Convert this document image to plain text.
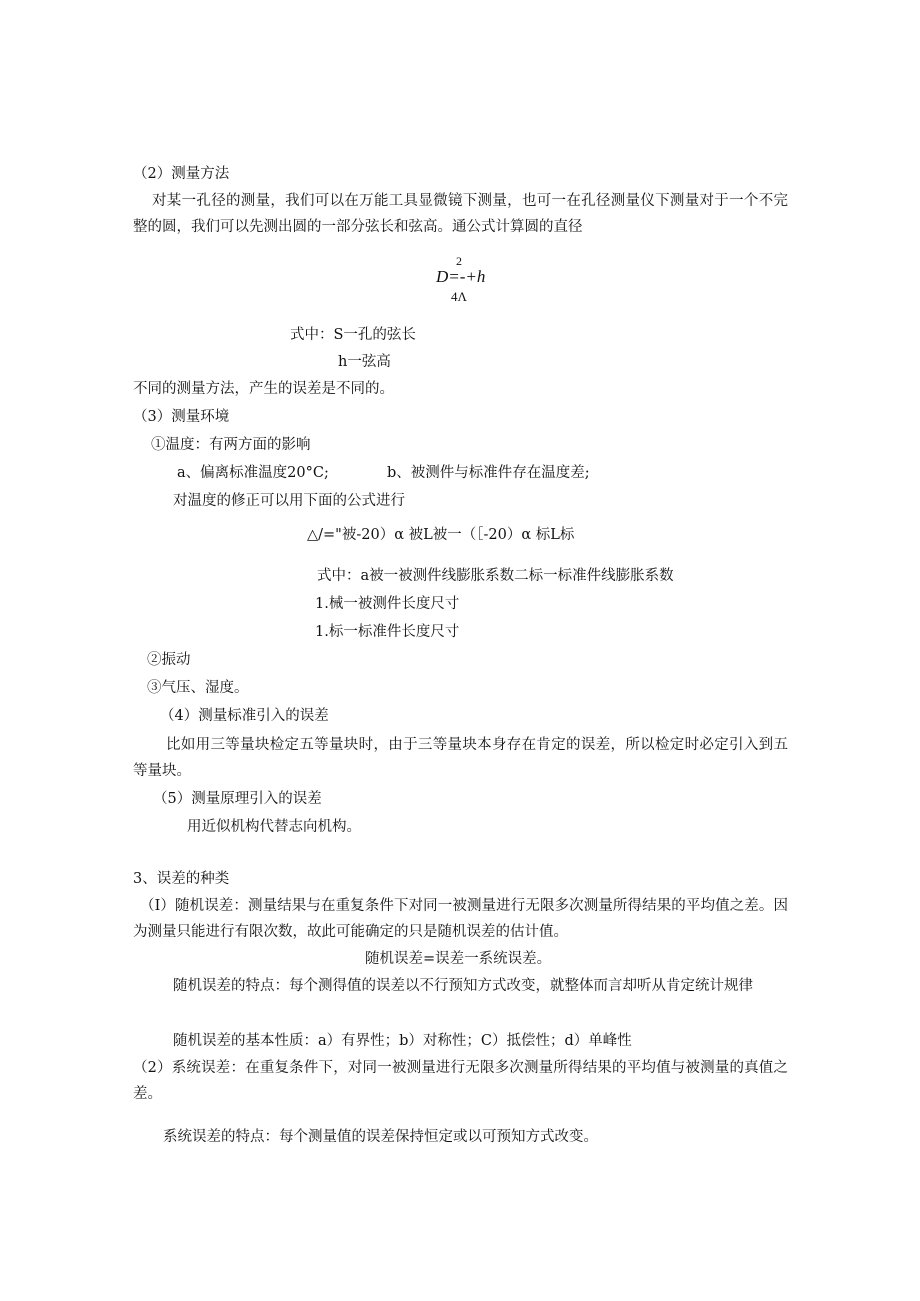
（2）测量方法
对某一孔径的测量，我们可以在万能工具显微镜下测量，也可一在孔径测量仪下测量对于一个不完整的圆，我们可以先测出圆的一部分弦长和弦高。通公式计算圆的直径
2
D=-+h
4Λ
式中：S一孔的弦长
h一弦高
不同的测量方法，产生的误差是不同的。
（3）测量环境
①温度：有两方面的影响
a、偏离标准温度20°C;	b、被测件与标准件存在温度差;
对温度的修正可以用下面的公式进行
△/="被-20）α 被L被一（［-20）α 标L标
式中：a被一被测件线膨胀系数二标一标准件线膨胀系数
1.械一被测件长度尺寸
1.标一标准件长度尺寸
②振动
③气压、湿度。
（4）测量标准引入的误差
比如用三等量块检定五等量块时，由于三等量块本身存在肯定的误差，所以检定时必定引入到五等量块。
（5）测量原理引入的误差
用近似机构代替志向机构。
3、误差的种类
（I）随机误差：测量结果与在重复条件下对同一被测量进行无限多次测量所得结果的平均值之差。因为测量只能进行有限次数，故此可能确定的只是随机误差的估计值。
随机误差=误差一系统误差。
随机误差的特点：每个测得值的误差以不行预知方式改变，就整体而言却听从肯定统计规律
随机误差的基本性质：a）有界性；b）对称性；C）抵偿性；d）单峰性
（2）系统误差：在重复条件下，对同一被测量进行无限多次测量所得结果的平均值与被测量的真值之差。
系统误差的特点：每个测量值的误差保持恒定或以可预知方式改变。
